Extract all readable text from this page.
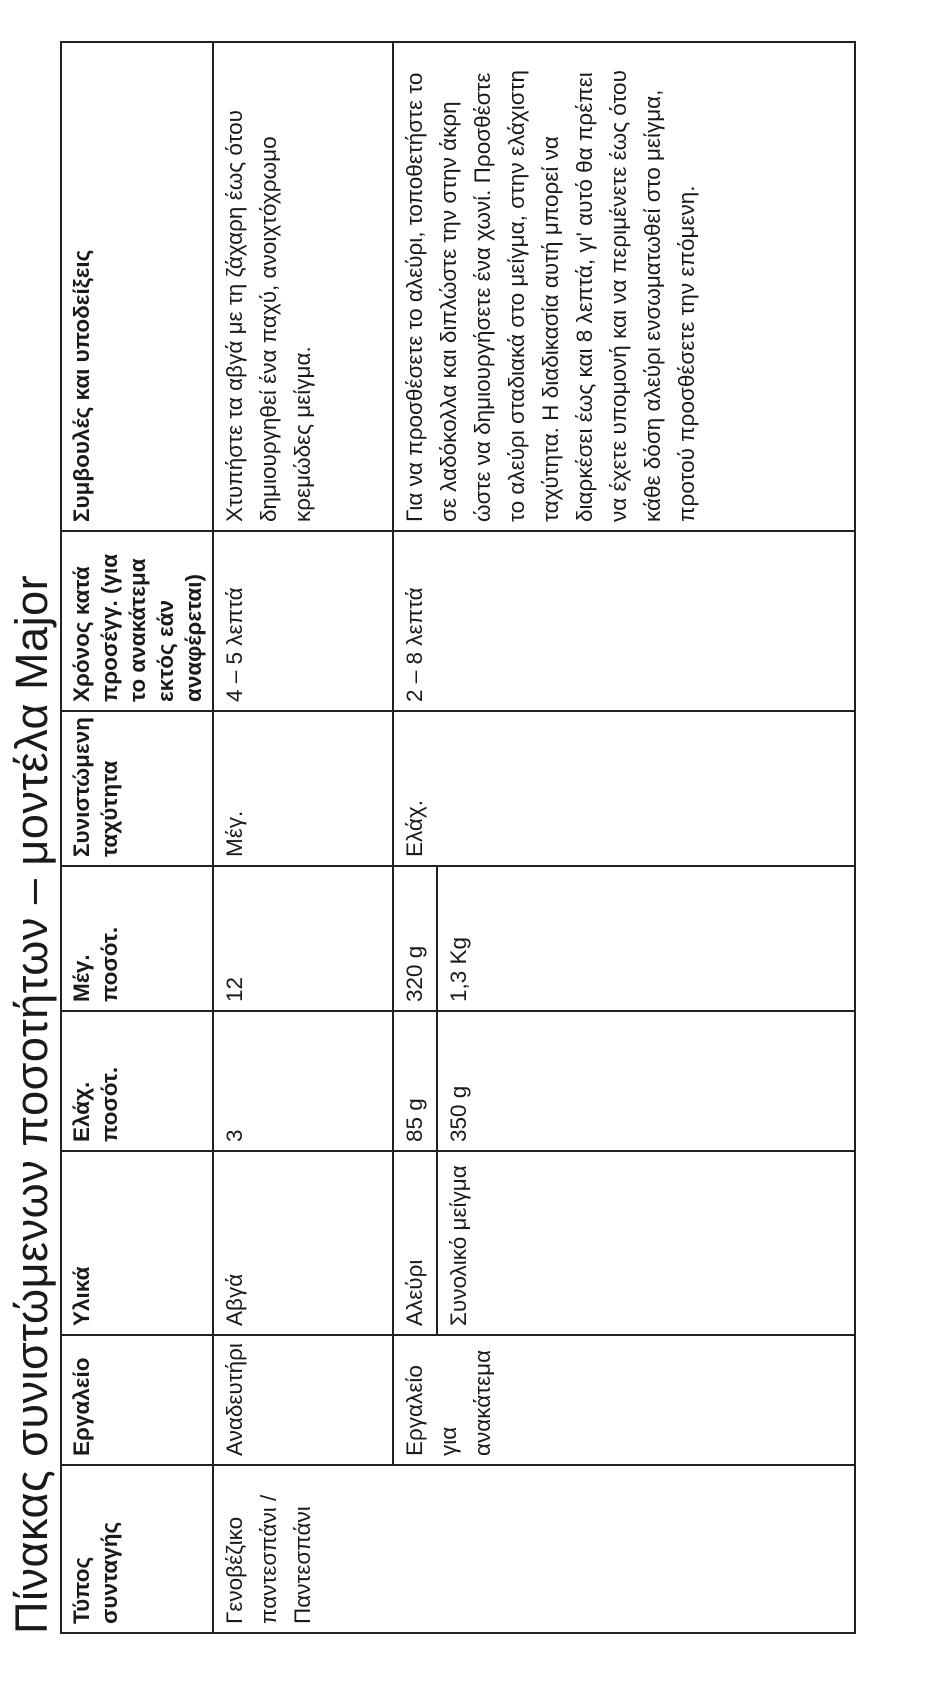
Πίνακας συνιστώμενων ποσοτήτων – μοντέλα Major Τύπος συνταγής	Εργαλείο	Υλικά	Ελάχ. ποσότ.	Μέγ. ποσότ.	Συνιστώμενη ταχύτητα	Χρόνος κατά προσέγγ. (για το ανακάτεμα εκτός εάν αναφέρεται)	Συμβουλές και υποδείξεις
Γενοβέζικο παντεσπάνι / Παντεσπάνι	Αναδευτήρι	Αβγά	3	12	Μέγ.	4 – 5 λεπτά	Χτυπήστε τα αβγά με τη ζάχαρη έως ότου δημιουργηθεί ένα παχύ, ανοιχτόχρωμο κρεμώδες μείγμα.
	Εργαλείο για ανακάτεμα	Αλεύρι	85 g	320 g	Ελάχ.	2 – 8 λεπτά	Για να προσθέσετε το αλεύρι, τοποθετήστε το σε λαδόκολλα και διπλώστε την στην άκρη ώστε να δημιουργήσετε ένα χωνί. Προσθέστε το αλεύρι σταδιακά στο μείγμα, στην ελάχιστη ταχύτητα. Η διαδικασία αυτή μπορεί να διαρκέσει έως και 8 λεπτά, γι' αυτό θα πρέπει να έχετε υπομονή και να περιμένετε έως ότου κάθε δόση αλεύρι ενσωματωθεί στο μείγμα, προτού προσθέσετε την επόμενη.
		Συνολικό μείγμα	350 g	1,3 Kg			
